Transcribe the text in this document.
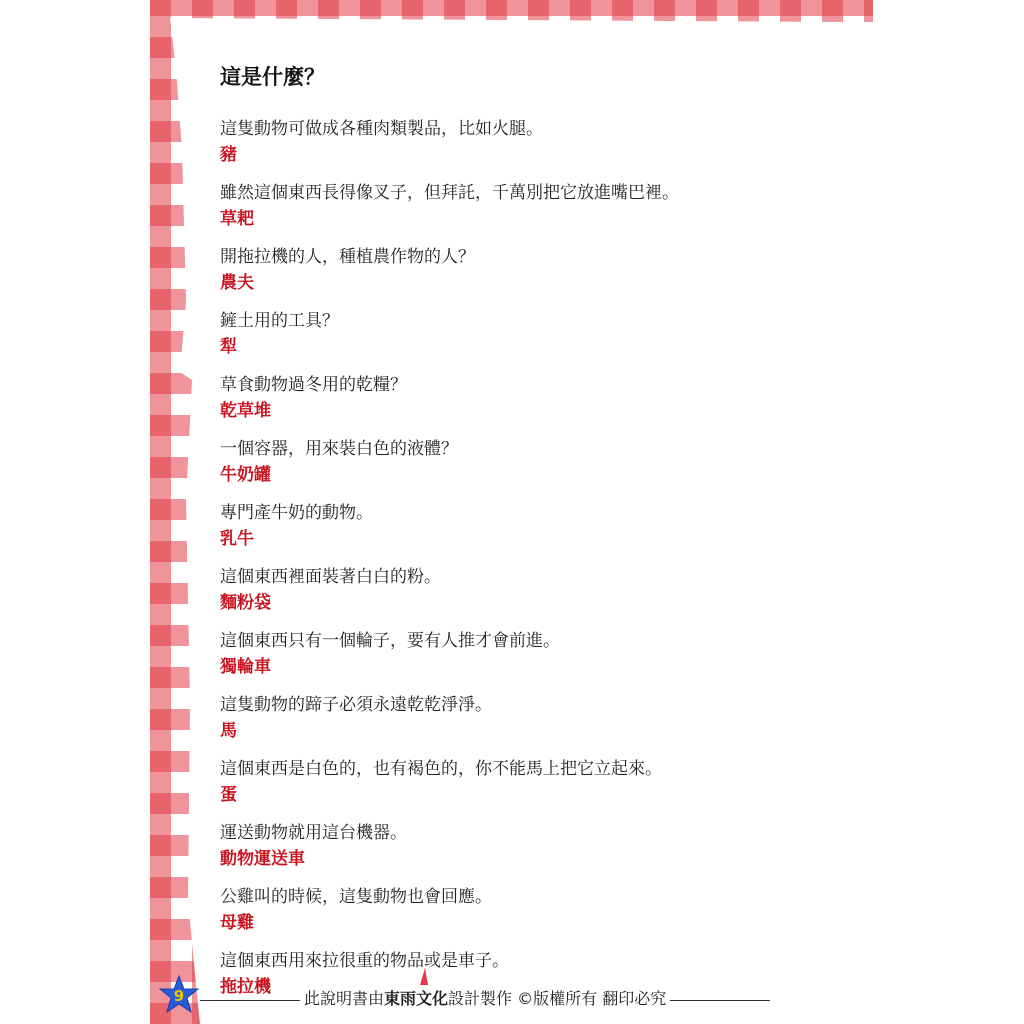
這是什麼？
這隻動物可做成各種肉類製品，比如火腿。
豬
雖然這個東西長得像叉子，但拜託，千萬別把它放進嘴巴裡。
草耙
開拖拉機的人，種植農作物的人？
農夫
鏟土用的工具？
犁
草食動物過冬用的乾糧？
乾草堆
一個容器，用來裝白色的液體？
牛奶罐
專門產牛奶的動物。
乳牛
這個東西裡面裝著白白的粉。
麵粉袋
這個東西只有一個輪子，要有人推才會前進。
獨輪車
這隻動物的蹄子必須永遠乾乾淨淨。
馬
這個東西是白色的，也有褐色的，你不能馬上把它立起來。
蛋
運送動物就用這台機器。
動物運送車
公雞叫的時候，這隻動物也會回應。
母雞
這個東西用來拉很重的物品或是車子。
拖拉機
此說明書由東雨文化設計製作 ©版權所有 翻印必究
9
